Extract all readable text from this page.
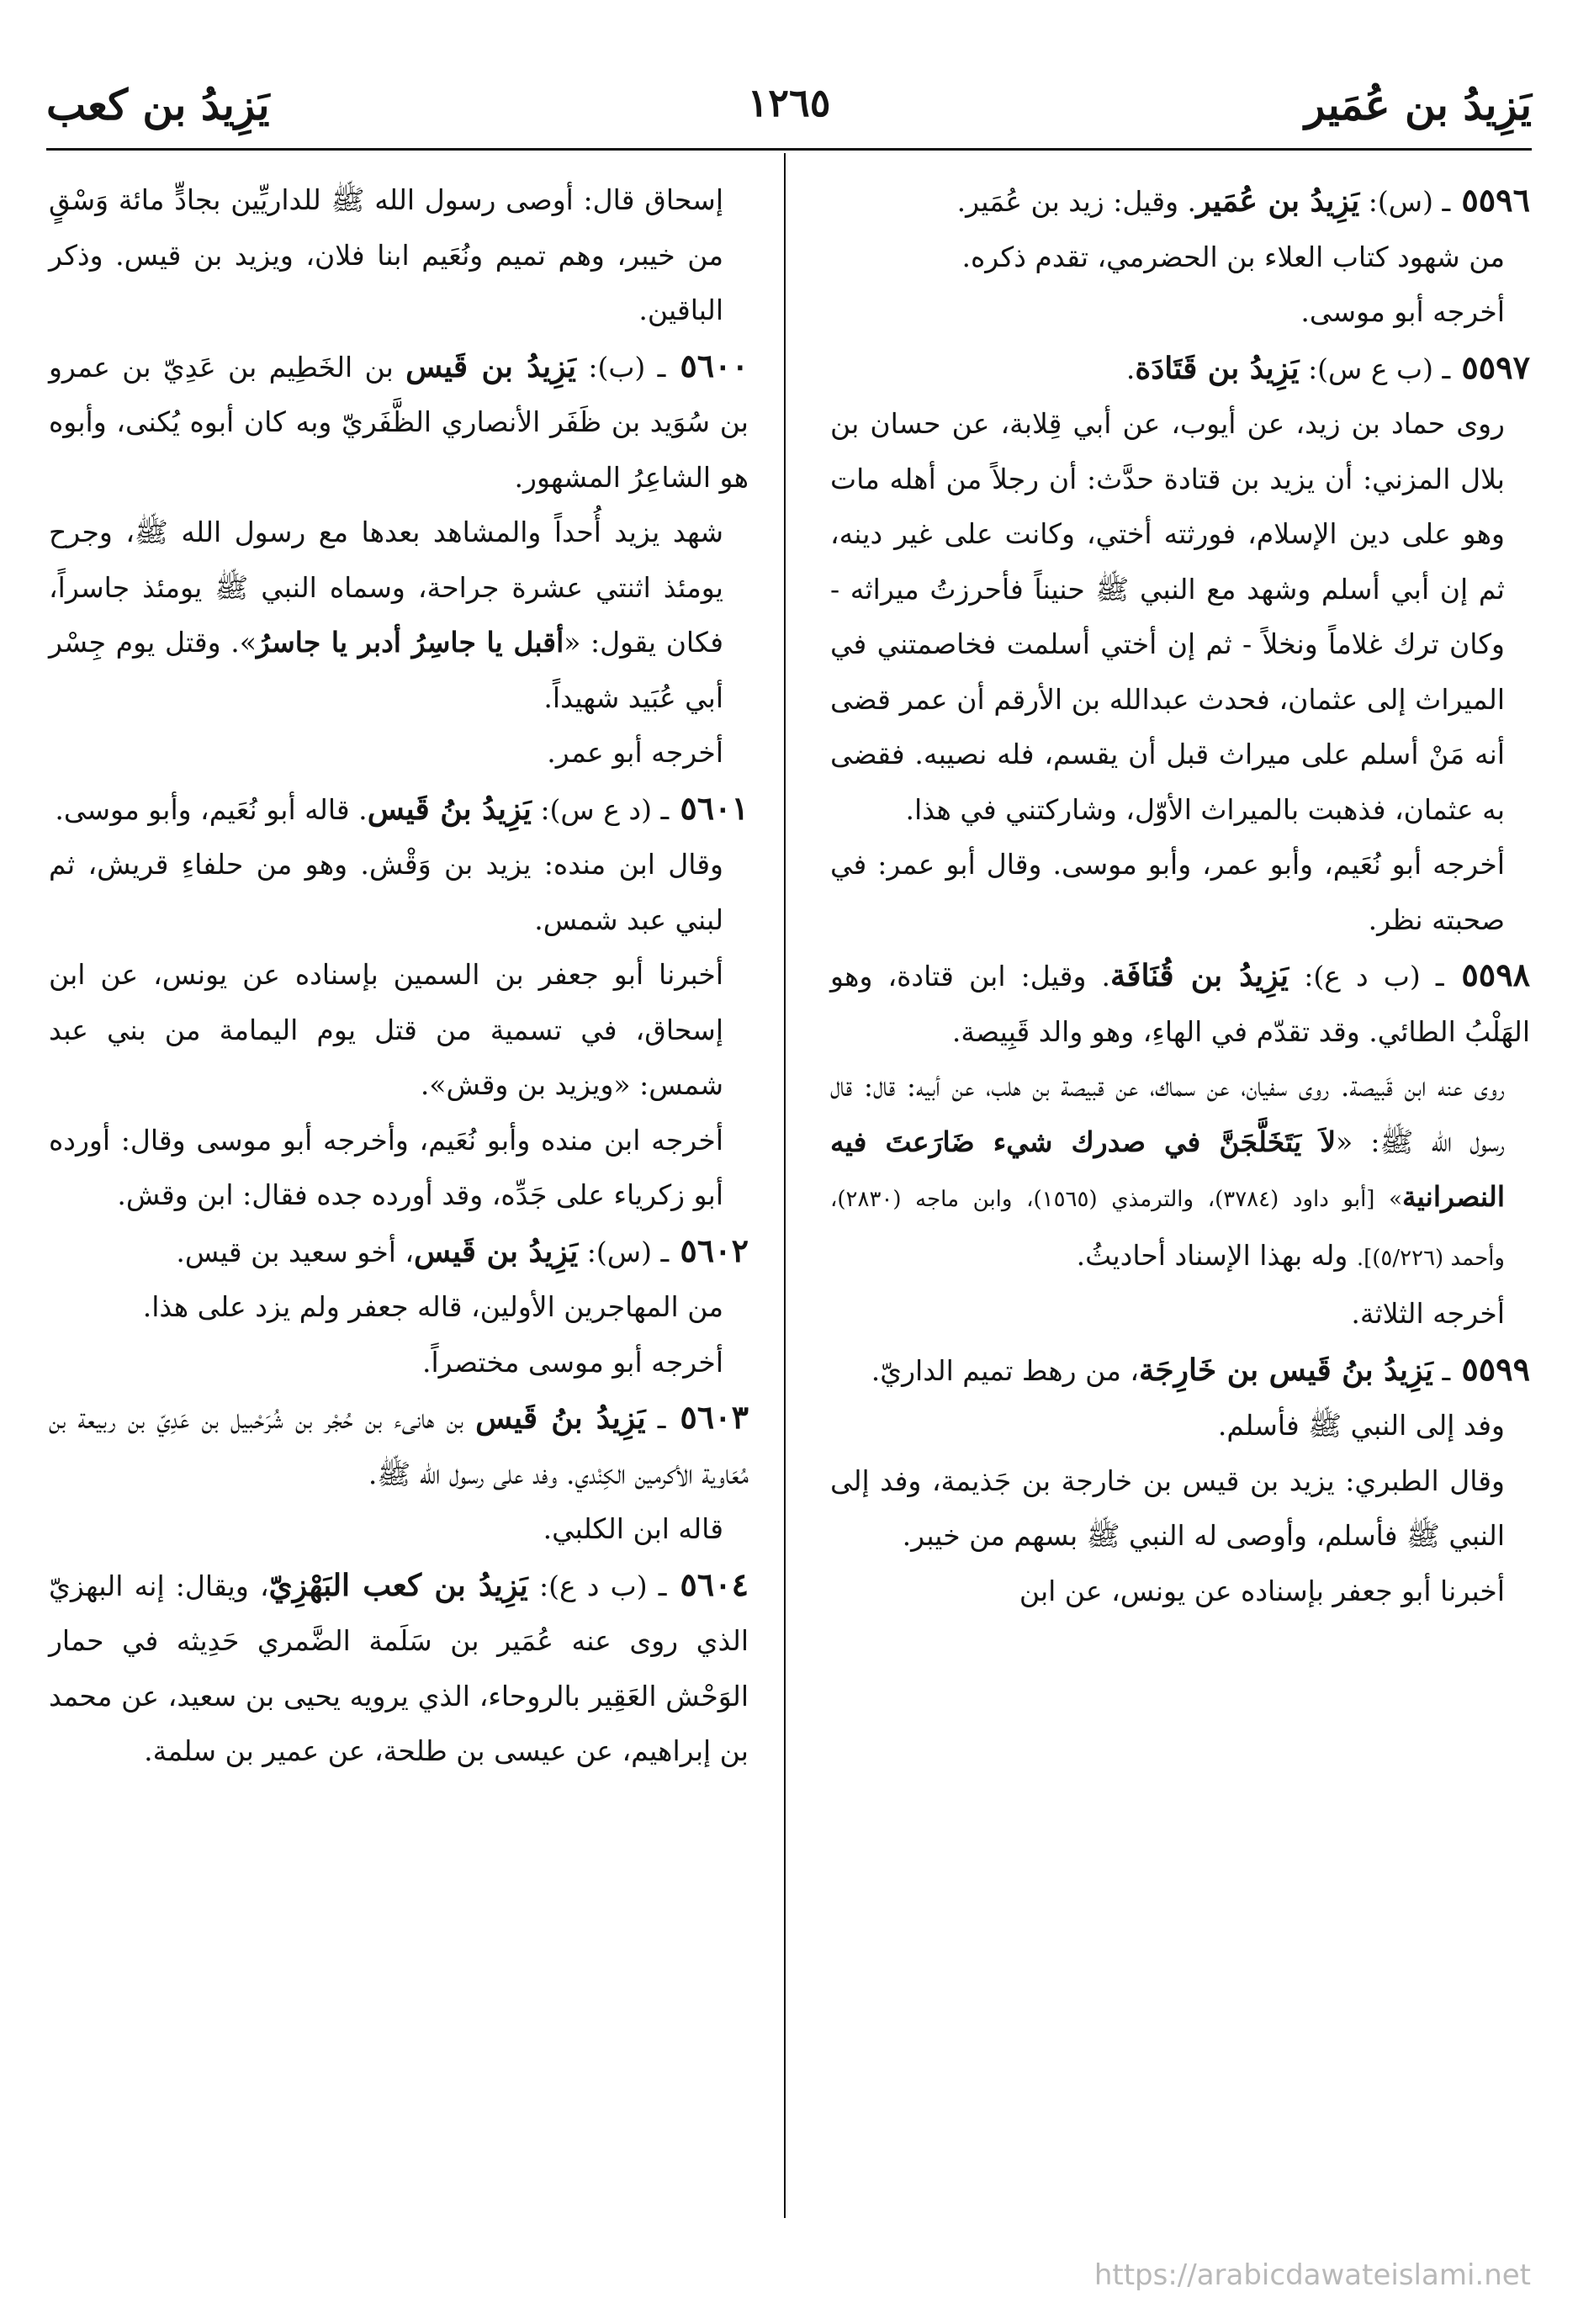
يَزِيدُ بن عُمَير
١٢٦٥
يَزِيدُ بن كعب

٥٥٩٦ ـ (س): يَزِيدُ بن عُمَير. وقيل: زيد بن عُمَير.

من شهود كتاب العلاء بن الحضرمي، تقدم ذكره.

أخرجه أبو موسى.

٥٥٩٧ ـ (ب ع س): يَزِيدُ بن قَتَادَة.

روى حماد بن زيد، عن أيوب، عن أبي قِلابة، عن حسان بن بلال المزني: أن يزيد بن قتادة حدَّث: أن رجلاً من أهله مات وهو على دين الإسلام، فورثته أختي، وكانت على غير دينه، ثم إن أبي أسلم وشهد مع النبي ﷺ حنيناً فأحرزتُ ميراثه - وكان ترك غلاماً ونخلاً - ثم إن أختي أسلمت فخاصمتني في الميراث إلى عثمان، فحدث عبدالله بن الأرقم أن عمر قضى أنه مَنْ أسلم على ميراث قبل أن يقسم، فله نصيبه. فقضى به عثمان، فذهبت بالميراث الأوّل، وشاركتني في هذا.

أخرجه أبو نُعَيم، وأبو عمر، وأبو موسى. وقال أبو عمر: في صحبته نظر.

٥٥٩٨ ـ (ب د ع): يَزِيدُ بن قُنَافَة. وقيل: ابن قتادة، وهو الهَلْبُ الطائي. وقد تقدّم في الهاءِ، وهو والد قَبِيصة.

روى عنه ابن قَبيصة. روى سفيان، عن سماك، عن قبيصة بن هلب، عن أبيه: قال: قال رسول الله ﷺ: «لاَ يَتَخَلَّجَنَّ في صدرك شيء ضَارَعتَ فيه النصرانية» [أبو داود (٣٧٨٤)، والترمذي (١٥٦٥)، وابن ماجه (٢٨٣٠)، وأحمد (٥/٢٢٦)]. وله بهذا الإسناد أحاديثُ.

أخرجه الثلاثة.

٥٥٩٩ ـ يَزِيدُ بنُ قَيس بن خَارِجَة، من رهط تميم الداريّ.

وفد إلى النبي ﷺ فأسلم.

وقال الطبري: يزيد بن قيس بن خارجة بن جَذيمة، وفد إلى النبي ﷺ فأسلم، وأوصى له النبي ﷺ بسهم من خيبر.

أخبرنا أبو جعفر بإسناده عن يونس، عن ابن

إسحاق قال: أوصى رسول الله ﷺ للداريِّين بجادٍّ مائة وَسْقٍ من خيبر، وهم تميم ونُعَيم ابنا فلان، ويزيد بن قيس. وذكر الباقين.

٥٦٠٠ ـ (ب): يَزِيدُ بن قَيس بن الخَطِيم بن عَدِيّ بن عمرو بن سُوَيد بن ظَفَر الأنصاري الظَّفَريّ وبه كان أبوه يُكنى، وأبوه هو الشاعِرُ المشهور.

شهد يزيد أُحداً والمشاهد بعدها مع رسول الله ﷺ، وجرح يومئذ اثنتي عشرة جراحة، وسماه النبي ﷺ يومئذ جاسراً، فكان يقول: «أقبل يا جاسِرُ أدبر يا جاسرُ». وقتل يوم جِسْر أبي عُبَيد شهيداً.

أخرجه أبو عمر.

٥٦٠١ ـ (د ع س): يَزِيدُ بنُ قَيس. قاله أبو نُعَيم، وأبو موسى.

وقال ابن منده: يزيد بن وَقْش. وهو من حلفاءِ قريش، ثم لبني عبد شمس.

أخبرنا أبو جعفر بن السمين بإسناده عن يونس، عن ابن إسحاق، في تسمية من قتل يوم اليمامة من بني عبد شمس: «ويزيد بن وقش».

أخرجه ابن منده وأبو نُعَيم، وأخرجه أبو موسى وقال: أورده أبو زكرياء على جَدِّه، وقد أورده جده فقال: ابن وقش.

٥٦٠٢ ـ (س): يَزِيدُ بن قَيس، أخو سعيد بن قيس.

من المهاجرين الأولين، قاله جعفر ولم يزد على هذا.

أخرجه أبو موسى مختصراً.

٥٦٠٣ ـ يَزِيدُ بنُ قَيس بن هانىء بن حُجْر بن شُرَحْبيل بن عَدِيّ بن ربيعة بن مُعَاوية الأكرمين الكِنْدي. وفد على رسول الله ﷺ.

قاله ابن الكلبي.

٥٦٠٤ ـ (ب د ع): يَزِيدُ بن كعب البَهْزِيّ، ويقال: إنه البهزيّ الذي روى عنه عُمَير بن سَلَمة الضَّمري حَدِيثه في حمار الوَحْش العَقِير بالروحاء، الذي يرويه يحيى بن سعيد، عن محمد بن إبراهيم، عن عيسى بن طلحة، عن عمير بن سلمة.

https://arabicdawateislami.net
